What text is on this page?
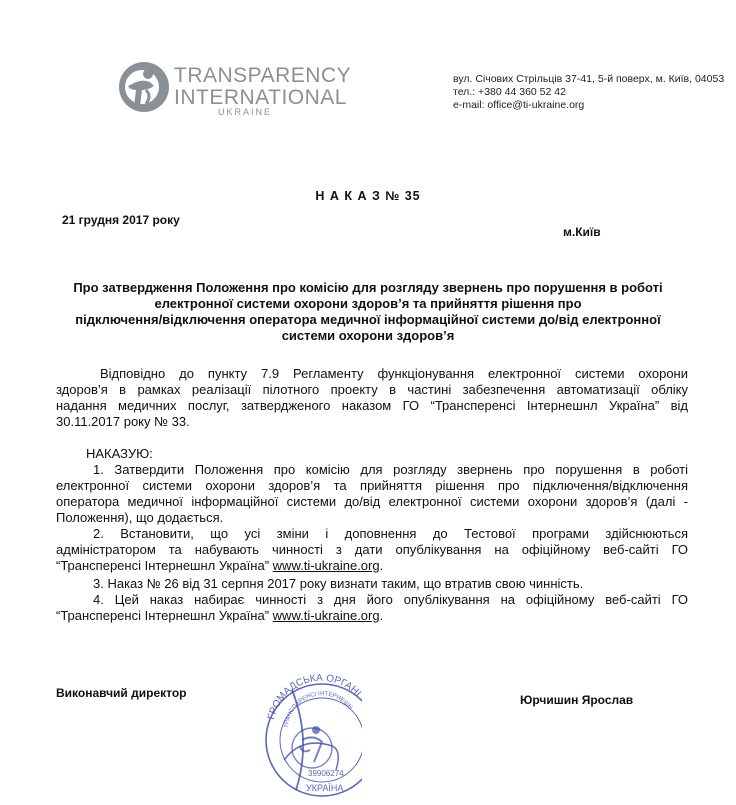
TRANSPARENCY
INTERNATIONAL
UKRAINE
вул. Січових Стрільців 37-41, 5-й поверх, м. Київ, 04053
тел.: +380 44 360 52 42
e-mail: office@ti-ukraine.org
Н А К А З № 35
21 грудня 2017 року
м.Київ
Про затвердження Положення про комісію для розгляду звернень про порушення в роботі
електронної системи охорони здоров’я та прийняття рішення про
підключення/відключення оператора медичної інформаційної системи до/від електронної
системи охорони здоров’я
Відповідно до пункту 7.9 Регламенту функціонування електронної системи охорони
здоров’я в рамках реалізації пілотного проекту в частині забезпечення автоматизації обліку
надання медичних послуг, затвердженого наказом ГО “Трансперенсі Інтернешнл Україна” від
30.11.2017 року № 33.
НАКАЗУЮ:
1. Затвердити Положення про комісію для розгляду звернень про порушення в роботі
електронної системи охорони здоров’я та прийняття рішення про підключення/відключення
оператора медичної інформаційної системи до/від електронної системи охорони здоров’я (далі -
Положення), що додається.
2. Встановити, що усі зміни і доповнення до Тестової програми здійснюються
адміністратором та набувають чинності з дати опублікування на офіційному веб-сайті ГО
“Трансперенсі Інтернешнл Україна” www.ti-ukraine.org.
3. Наказ № 26 від 31 серпня 2017 року визнати таким, що втратив свою чинність.
4. Цей наказ набирає чинності з дня його опублікування на офіційному веб-сайті ГО
“Трансперенсі Інтернешнл Україна” www.ti-ukraine.org.
Виконавчий директор	Юрчишин Ярослав
ГРОМАДСЬКА ОРГАН
ТРАНСПАРЕНСІ ІНТЕРНЕШН
39906274
УКРАЇНА
